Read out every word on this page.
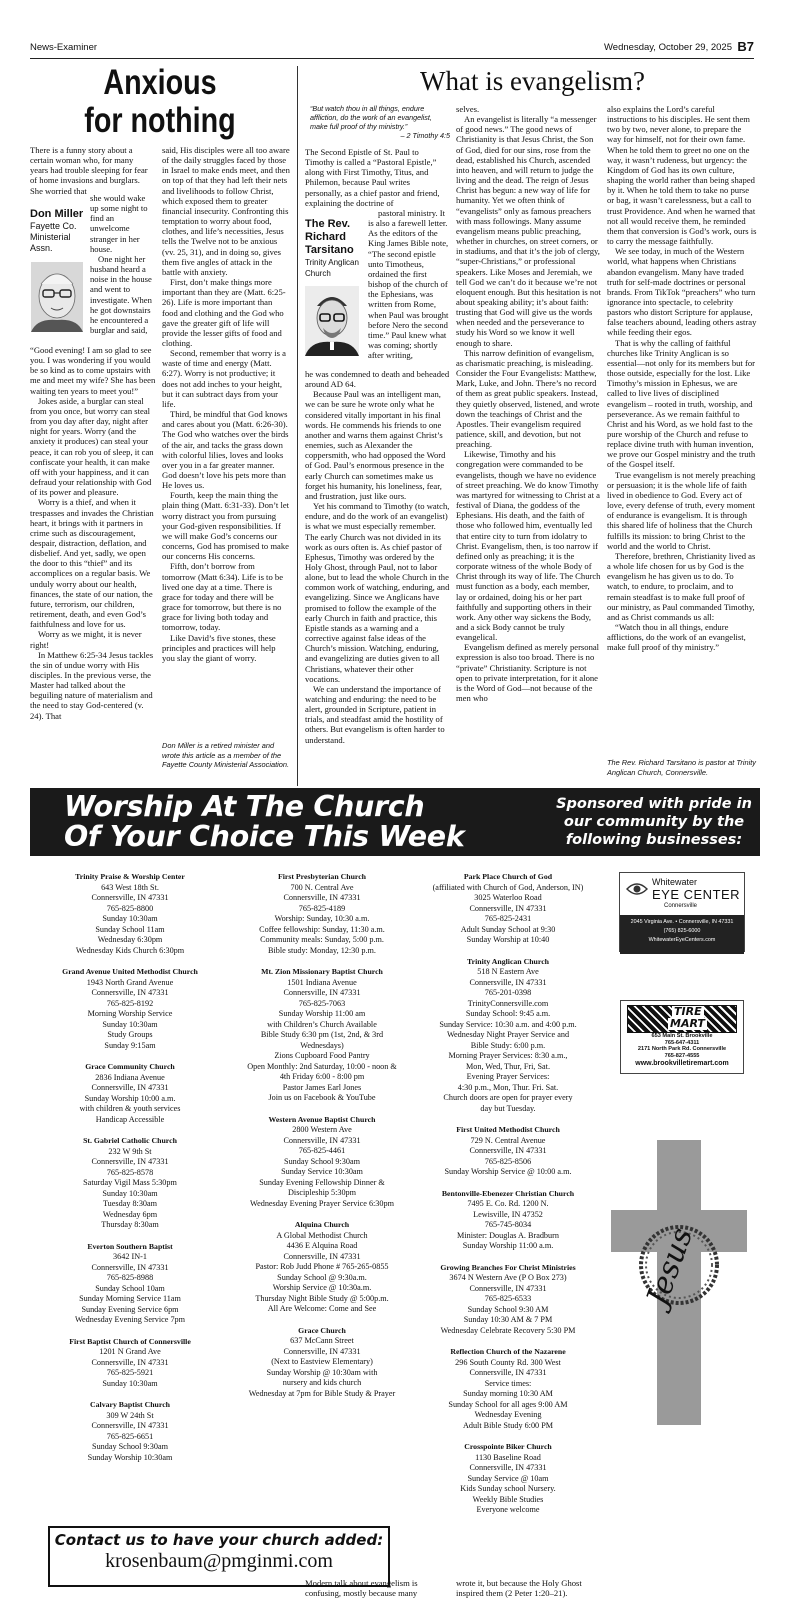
News-Examiner	Wednesday, October 29, 2025 B7
Anxious
for nothing

There is a funny story about a certain woman who, for many years had trouble sleeping for fear of home invasions and burglars. She worried that

Don Miller
Fayette Co.
Ministerial
Assn.

she would wake up some night to find an unwelcome stranger in her house.

One night her husband heard a noise in the house and went to investigate. When he got downstairs he encountered a burglar and said,

“Good evening! I am so glad to see you. I was wondering if you would be so kind as to come upstairs with me and meet my wife? She has been waiting ten years to meet you!”

Jokes aside, a burglar can steal from you once, but worry can steal from you day after day, night after night for years. Worry (and the anxiety it produces) can steal your peace, it can rob you of sleep, it can confiscate your health, it can make off with your happiness, and it can defraud your relationship with God of its power and pleasure.

Worry is a thief, and when it trespasses and invades the Christian heart, it brings with it partners in crime such as discouragement, despair, distraction, deflation, and disbelief. And yet, sadly, we open the door to this “thief” and its accomplices on a regular basis. We unduly worry about our health, finances, the state of our nation, the future, terrorism, our children, retirement, death, and even God’s faithfulness and love for us.

Worry as we might, it is never right!

In Matthew 6:25-34 Jesus tackles the sin of undue worry with His disciples. In the previous verse, the Master had talked about the beguiling nature of materialism and the need to stay God-centered (v. 24). That

said, His disciples were all too aware of the daily struggles faced by those in Israel to make ends meet, and then on top of that they had left their nets and livelihoods to follow Christ, which exposed them to greater financial insecurity. Confronting this temptation to worry about food, clothes, and life’s necessities, Jesus tells the Twelve not to be anxious (vv. 25, 31), and in doing so, gives them five angles of attack in the battle with anxiety.

First, don’t make things more important than they are (Matt. 6:25-26). Life is more important than food and clothing and the God who gave the greater gift of life will provide the lesser gifts of food and clothing.

Second, remember that worry is a waste of time and energy (Matt. 6:27). Worry is not productive; it does not add inches to your height, but it can subtract days from your life.

Third, be mindful that God knows and cares about you (Matt. 6:26-30). The God who watches over the birds of the air, and tacks the grass down with colorful lilies, loves and looks over you in a far greater manner. God doesn’t love his pets more than He loves us.

Fourth, keep the main thing the plain thing (Matt. 6:31-33). Don’t let worry distract you from pursuing your God-given responsibilities. If we will make God’s concerns our concerns, God has promised to make our concerns His concerns.

Fifth, don’t borrow from tomorrow (Matt 6:34). Life is to be lived one day at a time. There is grace for today and there will be grace for tomorrow, but there is no grace for living both today and tomorrow, today.

Like David’s five stones, these principles and practices will help you slay the giant of worry.

Don Miller is a retired minister and wrote this article as a member of the Fayette County Ministerial Association.
What is evangelism?
“But watch thou in all things, endure affliction, do the work of an evangelist, make full proof of thy ministry.”
– 2 Timothy 4:5

The Second Epistle of St. Paul to Timothy is called a “Pastoral Epistle,” along with First Timothy, Titus, and Philemon, because Paul writes personally, as a chief pastor and friend, explaining the doctrine of

The Rev.
Richard
Tarsitano
Trinity Anglican
Church

pastoral ministry. It is also a farewell letter. As the editors of the King James Bible note, “The second epistle unto Timotheus, ordained the first bishop of the church of the Ephesians, was written from Rome, when Paul was brought before Nero the second time.” Paul knew what was coming; shortly after writing,

he was condemned to death and beheaded around AD 64.

Because Paul was an intelligent man, we can be sure he wrote only what he considered vitally important in his final words. He commends his friends to one another and warns them against Christ’s enemies, such as Alexander the coppersmith, who had opposed the Word of God. Paul’s enormous presence in the early Church can sometimes make us forget his humanity, his loneliness, fear, and frustration, just like ours.

Yet his command to Timothy (to watch, endure, and do the work of an evangelist) is what we must especially remember. The early Church was not divided in its work as ours often is. As chief pastor of Ephesus, Timothy was ordered by the Holy Ghost, through Paul, not to labor alone, but to lead the whole Church in the common work of watching, enduring, and evangelizing. Since we Anglicans have promised to follow the example of the early Church in faith and practice, this Epistle stands as a warning and a corrective against false ideas of the Church’s mission. Watching, enduring, and evangelizing are duties given to all Christians, whatever their other vocations.

We can understand the importance of watching and enduring: the need to be alert, grounded in Scripture, patient in trials, and steadfast amid the hostility of others. But evangelism is often harder to understand.

selves.

An evangelist is literally “a messenger of good news.” The good news of Christianity is that Jesus Christ, the Son of God, died for our sins, rose from the dead, established his Church, ascended into heaven, and will return to judge the living and the dead. The reign of Jesus Christ has begun: a new way of life for humanity. Yet we often think of “evangelists” only as famous preachers with mass followings. Many assume evangelism means public preaching, whether in churches, on street corners, or in stadiums, and that it’s the job of clergy, “super-Christians,” or professional speakers. Like Moses and Jeremiah, we tell God we can’t do it because we’re not eloquent enough. But this hesitation is not about speaking ability; it’s about faith: trusting that God will give us the words when needed and the perseverance to study his Word so we know it well enough to share.

This narrow definition of evangelism, as charismatic preaching, is misleading. Consider the Four Evangelists: Matthew, Mark, Luke, and John. There’s no record of them as great public speakers. Instead, they quietly observed, listened, and wrote down the teachings of Christ and the Apostles. Their evangelism required patience, skill, and devotion, but not preaching.

Likewise, Timothy and his congregation were commanded to be evangelists, though we have no evidence of street preaching. We do know Timothy was martyred for witnessing to Christ at a festival of Diana, the goddess of the Ephesians. His death, and the faith of those who followed him, eventually led that entire city to turn from idolatry to Christ. Evangelism, then, is too narrow if defined only as preaching; it is the corporate witness of the whole Body of Christ through its way of life. The Church must function as a body, each member, lay or ordained, doing his or her part faithfully and supporting others in their work. Any other way sickens the Body, and a sick Body cannot be truly evangelical.

Evangelism defined as merely personal expression is also too broad. There is no “private” Christianity. Scripture is not open to private interpretation, for it alone is the Word of God—not because of the men who

also explains the Lord’s careful instructions to his disciples. He sent them two by two, never alone, to prepare the way for himself, not for their own fame. When he told them to greet no one on the way, it wasn’t rudeness, but urgency: the Kingdom of God has its own culture, shaping the world rather than being shaped by it. When he told them to take no purse or bag, it wasn’t carelessness, but a call to trust Providence. And when he warned that not all would receive them, he reminded them that conversion is God’s work, ours is to carry the message faithfully.

We see today, in much of the Western world, what happens when Christians abandon evangelism. Many have traded truth for self-made doctrines or personal brands. From TikTok “preachers” who turn ignorance into spectacle, to celebrity pastors who distort Scripture for applause, false teachers abound, leading others astray while feeding their egos.

That is why the calling of faithful churches like Trinity Anglican is so essential—not only for its members but for those outside, especially for the lost. Like Timothy’s mission in Ephesus, we are called to live lives of disciplined evangelism – rooted in truth, worship, and perseverance. As we remain faithful to Christ and his Word, as we hold fast to the pure worship of the Church and refuse to replace divine truth with human invention, we prove our Gospel ministry and the truth of the Gospel itself.

True evangelism is not merely preaching or persuasion; it is the whole life of faith lived in obedience to God. Every act of love, every defense of truth, every moment of endurance is evangelism. It is through this shared life of holiness that the Church fulfills its mission: to bring Christ to the world and the world to Christ.

Therefore, brethren, Christianity lived as a whole life chosen for us by God is the evangelism he has given us to do. To watch, to endure, to proclaim, and to remain steadfast is to make full proof of our ministry, as Paul commanded Timothy, and as Christ commands us all:

“Watch thou in all things, endure afflictions, do the work of an evangelist, make full proof of thy ministry.”

The Rev. Richard Tarsitano is pastor at Trinity Anglican Church, Connersville.
Worship At The Church
Of Your Choice This Week
Sponsored with pride in
our community by the
following businesses:
Trinity Praise & Worship Center
643 West 18th St.
Connersville, IN 47331
765-825-8800
Sunday 10:30am
Sunday School 11am
Wednesday 6:30pm
Wednesday Kids Church 6:30pm
Grand Avenue United Methodist Church
1943 North Grand Avenue
Connersville, IN 47331
765-825-8192
Morning Worship Service
Sunday 10:30am
Study Groups
Sunday 9:15am
Grace Community Church
2836 Indiana Avenue
Connersville, IN 47331
Sunday Worship 10:00 a.m.
with children & youth services
Handicap Accessible
St. Gabriel Catholic Church
232 W 9th St
Connersville, IN 47331
765-825-8578
Saturday Vigil Mass 5:30pm
Sunday 10:30am
Tuesday 8:30am
Wednesday 6pm
Thursday 8:30am
Everton Southern Baptist
3642 IN-1
Connersville, IN 47331
765-825-8988
Sunday School 10am
Sunday Morning Service 11am
Sunday Evening Service 6pm
Wednesday Evening Service 7pm
First Baptist Church of Connersville
1201 N Grand Ave
Connersville, IN 47331
765-825-5921
Sunday 10:30am
Calvary Baptist Church
309 W 24th St
Connersville, IN 47331
765-825-6651
Sunday School 9:30am
Sunday Worship 10:30am
First Presbyterian Church
700 N. Central Ave
Connersville, IN 47331
765-825-4189
Worship: Sunday, 10:30 a.m.
Coffee fellowship: Sunday, 11:30 a.m.
Community meals: Sunday, 5:00 p.m.
Bible study: Monday, 12:30 p.m.
Mt. Zion Missionary Baptist Church
1501 Indiana Avenue
Connersville, IN 47331
765-825-7063
Sunday Worship 11:00 am
with Children’s Church Available
Bible Study 6:30 pm (1st, 2nd, & 3rd
Wednesdays)
Zions Cupboard Food Pantry
Open Monthly: 2nd Saturday, 10:00 - noon &
4th Friday 6:00 - 8:00 pm
Pastor James Earl Jones
Join us on Facebook & YouTube
Western Avenue Baptist Church
2800 Western Ave
Connersville, IN 47331
765-825-4461
Sunday School 9:30am
Sunday Service 10:30am
Sunday Evening Fellowship Dinner &
Discipleship 5:30pm
Wednesday Evening Prayer Service 6:30pm
Alquina Church
A Global Methodist Church
4436 E Alquina Road
Connersville, IN 47331
Pastor: Rob Judd Phone # 765-265-0855
Sunday School @ 9:30a.m.
Worship Service @ 10:30a.m.
Thursday Night Bible Study @ 5:00p.m.
All Are Welcome: Come and See
Grace Church
637 McCann Street
Connersville, IN 47331
(Next to Eastview Elementary)
Sunday Worship @ 10:30am with
nursery and kids church
Wednesday at 7pm for Bible Study & Prayer
Park Place Church of God
(affiliated with Church of God, Anderson, IN)
3025 Waterloo Road
Connersville, IN 47331
765-825-2431
Adult Sunday School at 9:30
Sunday Worship at 10:40
Trinity Anglican Church
518 N Eastern Ave
Connersville, IN 47331
765-201-0398
TrinityConnersville.com
Sunday School: 9:45 a.m.
Sunday Service: 10:30 a.m. and 4:00 p.m.
Wednesday Night Prayer Service and
Bible Study: 6:00 p.m.
Morning Prayer Services: 8:30 a.m.,
Mon, Wed, Thur, Fri, Sat.
Evening Prayer Services:
4:30 p.m., Mon, Thur. Fri. Sat.
Church doors are open for prayer every
day but Tuesday.
First United Methodist Church
729 N. Central Avenue
Connersville, IN 47331
765-825-8506
Sunday Worship Service @ 10:00 a.m.
Bentonville-Ebenezer Christian Church
7495 E. Co. Rd. 1200 N.
Lewisville, IN 47352
765-745-8034
Minister: Douglas A. Bradburn
Sunday Worship 11:00 a.m.
Growing Branches For Christ Ministries
3674 N Western Ave (P O Box 273)
Connersville, IN 47331
765-825-6533
Sunday School 9:30 AM
Sunday 10:30 AM & 7 PM
Wednesday Celebrate Recovery 5:30 PM
Reflection Church of the Nazarene
296 South County Rd. 300 West
Connersville, IN 47331
Service times:
Sunday morning 10:30 AM
Sunday School for all ages 9:00 AM
Wednesday Evening
Adult Bible Study 6:00 PM
Crosspointe Biker Church
1130 Baseline Road
Connersville, IN 47331
Sunday Service @ 10am
Kids Sunday school Nursery.
Weekly Bible Studies
Everyone welcome
Contact us to have your church added:
krosenbaum@pmginmi.com
Whitewater
EYE CENTER
Connersville
2045 Virginia Ave. • Connersville, IN 47331
(765) 825-6000
WhitewaterEyeCenters.com
TIRE
MART
653 Main St. Brookville
765-647-4311
2171 North Park Rd. Connersville
765-827-4555
www.brookvilletiremart.com
Jesus
Modern talk about evangelism is confusing, mostly because many
wrote it, but because the Holy Ghost inspired them (2 Peter 1:20–21).
